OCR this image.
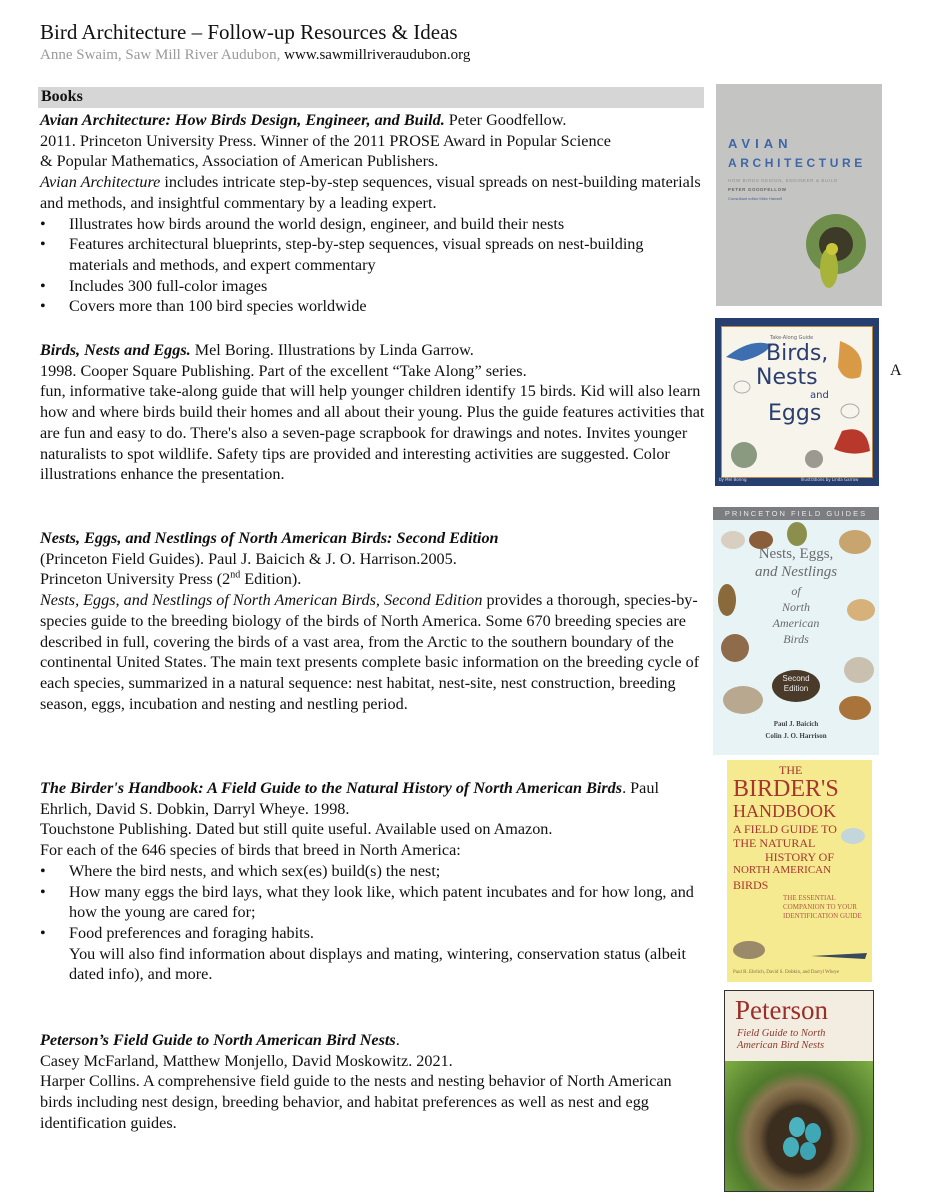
Bird Architecture – Follow-up Resources & Ideas
Anne Swaim, Saw Mill River Audubon, www.sawmillriveraudubon.org
Books

Avian Architecture: How Birds Design, Engineer, and Build. Peter Goodfellow.

2011. Princeton University Press. Winner of the 2011 PROSE Award in Popular Science

& Popular Mathematics, Association of American Publishers.

Avian Architecture includes intricate step-by-step sequences, visual spreads on nest-building materials and methods, and insightful commentary by a leading expert.

• Illustrates how birds around the world design, engineer, and build their nests
• Features architectural blueprints, step-by-step sequences, visual spreads on nest-building materials and methods, and expert commentary
• Includes 300 full-color images
• Covers more than 100 bird species worldwide
AVIAN
ARCHITECTURE
HOW BIRDS DESIGN, ENGINEER & BUILD
PETER GOODFELLOW
Consultant editor Mike Hansell

Birds, Nests and Eggs. Mel Boring. Illustrations by Linda Garrow.

1998. Cooper Square Publishing. Part of the excellent “Take Along” series.

fun, informative take-along guide that will help younger children identify 15 birds. Kid will also learn how and where birds build their homes and all about their young. Plus the guide features activities that are fun and easy to do. There's also a seven-page scrapbook for drawings and notes. Invites younger naturalists to spot wildlife. Safety tips are provided and interesting activities are suggested. Color illustrations enhance the presentation.

A
Take-Along Guide
Birds,
Nests
and
Eggs
by Mel Boring	Illustrations by Linda Garrow

Nests, Eggs, and Nestlings of North American Birds: Second Edition

(Princeton Field Guides). Paul J. Baicich & J. O. Harrison.2005.

Princeton University Press (2nd Edition).

Nests, Eggs, and Nestlings of North American Birds, Second Edition provides a thorough, species-by-species guide to the breeding biology of the birds of North America. Some 670 breeding species are described in full, covering the birds of a vast area, from the Arctic to the southern boundary of the continental United States. The main text presents complete basic information on the breeding cycle of each species, summarized in a natural sequence: nest habitat, nest-site, nest construction, breeding season, eggs, incubation and nesting and nestling period.

PRINCETON FIELD GUIDES
Nests, Eggs,
and Nestlings
of
North
American
Birds
Second
Edition
Paul J. Baicich
Colin J. O. Harrison

The Birder's Handbook: A Field Guide to the Natural History of North American Birds. Paul Ehrlich, David S. Dobkin, Darryl Wheye. 1998.

Touchstone Publishing. Dated but still quite useful. Available used on Amazon.

For each of the 646 species of birds that breed in North America:

• Where the bird nests, and which sex(es) build(s) the nest;
• How many eggs the bird lays, what they look like, which patent incubates and for how long, and how the young are cared for;
• Food preferences and foraging habits.

You will also find information about displays and mating, wintering, conservation status (albeit dated info), and more.

THE
BIRDER'S
HANDBOOK
A FIELD GUIDE TO
THE NATURAL
HISTORY OF
NORTH AMERICAN
BIRDS
THE ESSENTIAL COMPANION TO YOUR IDENTIFICATION GUIDE
Paul R. Ehrlich, David S. Dobkin, and Darryl Wheye

Peterson’s Field Guide to North American Bird Nests.

Casey McFarland, Matthew Monjello, David Moskowitz. 2021.

Harper Collins. A comprehensive field guide to the nests and nesting behavior of North American birds including nest design, breeding behavior, and habitat preferences as well as nest and egg identification guides.

Peterson
Field Guide to North
American Bird Nests
